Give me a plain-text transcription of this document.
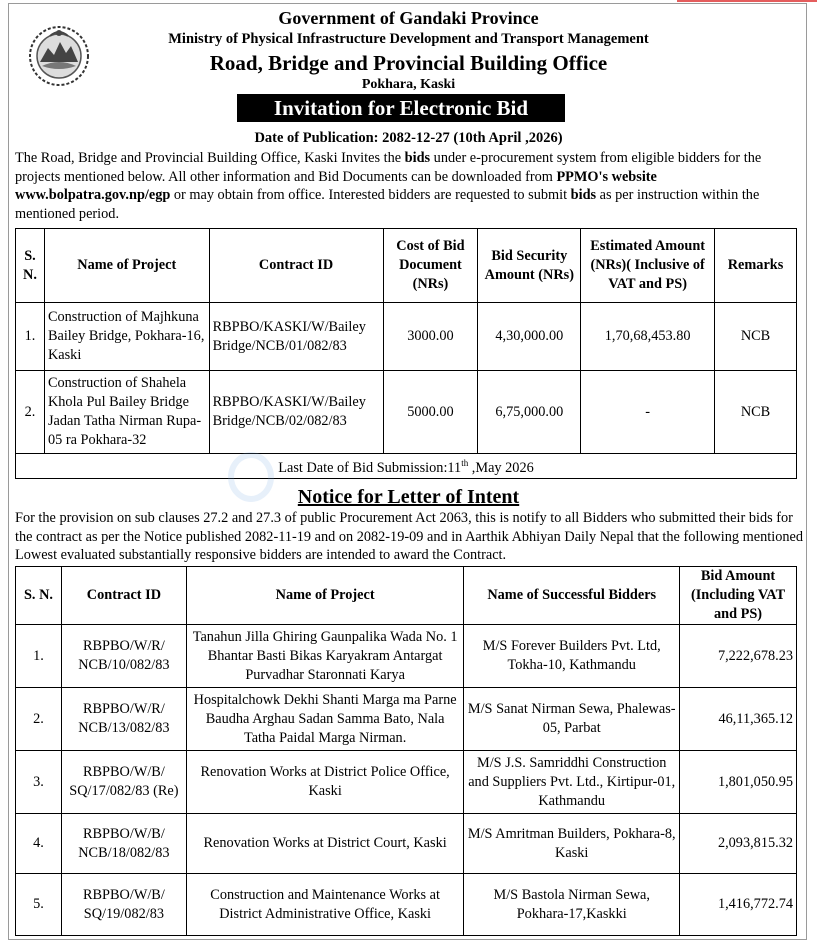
Government of Gandaki Province
Ministry of Physical Infrastructure Development and Transport Management
Road, Bridge and Provincial Building Office
Pokhara, Kaski
Invitation for Electronic Bid
Date of Publication: 2082-12-27 (10th April ,2026)
The Road, Bridge and Provincial Building Office, Kaski Invites the bids under e-procurement system from eligible bidders for the projects mentioned below. All other information and Bid Documents can be downloaded from PPMO's website www.bolpatra.gov.np/egp or may obtain from office. Interested bidders are requested to submit bids as per instruction within the mentioned period.
S. N.	Name of Project	Contract ID	Cost of Bid Document (NRs)	Bid Security Amount (NRs)	Estimated Amount (NRs)( Inclusive of VAT and PS)	Remarks
1.	Construction of Majhkuna Bailey Bridge, Pokhara-16, Kaski	RBPBO/KASKI/W/Bailey Bridge/NCB/01/082/83	3000.00	4,30,000.00	1,70,68,453.80	NCB
2.	Construction of Shahela Khola Pul Bailey Bridge Jadan Tatha Nirman Rupa-05 ra Pokhara-32	RBPBO/KASKI/W/Bailey Bridge/NCB/02/082/83	5000.00	6,75,000.00	-	NCB
Last Date of Bid Submission:11th ,May 2026						
Notice for Letter of Intent
For the provision on sub clauses 27.2 and 27.3 of public Procurement Act 2063, this is notify to all Bidders who submitted their bids for the contract as per the Notice published 2082-11-19 and on 2082-19-09 and in Aarthik Abhiyan Daily Nepal that the following mentioned Lowest evaluated substantially responsive bidders are intended to award the Contract.
S. N.	Contract ID	Name of Project	Name of Successful Bidders	Bid Amount (Including VAT and PS)
1.	RBPBO/W/R/ NCB/10/082/83	Tanahun Jilla Ghiring Gaunpalika Wada No. 1 Bhantar Basti Bikas Karyakram Antargat Purvadhar Staronnati Karya	M/S Forever Builders Pvt. Ltd, Tokha-10, Kathmandu	7,222,678.23
2.	RBPBO/W/R/ NCB/13/082/83	Hospitalchowk Dekhi Shanti Marga ma Parne Baudha Arghau Sadan Samma Bato, Nala Tatha Paidal Marga Nirman.	M/S Sanat Nirman Sewa, Phalewas-05, Parbat	46,11,365.12
3.	RBPBO/W/B/ SQ/17/082/83 (Re)	Renovation Works at District Police Office, Kaski	M/S J.S. Samriddhi Construction and Suppliers Pvt. Ltd., Kirtipur-01, Kathmandu	1,801,050.95
4.	RBPBO/W/B/ NCB/18/082/83	Renovation Works at District Court, Kaski	M/S Amritman Builders, Pokhara-8, Kaski	2,093,815.32
5.	RBPBO/W/B/ SQ/19/082/83	Construction and Maintenance Works at District Administrative Office, Kaski	M/S Bastola Nirman Sewa, Pokhara-17,Kaskki	1,416,772.74
